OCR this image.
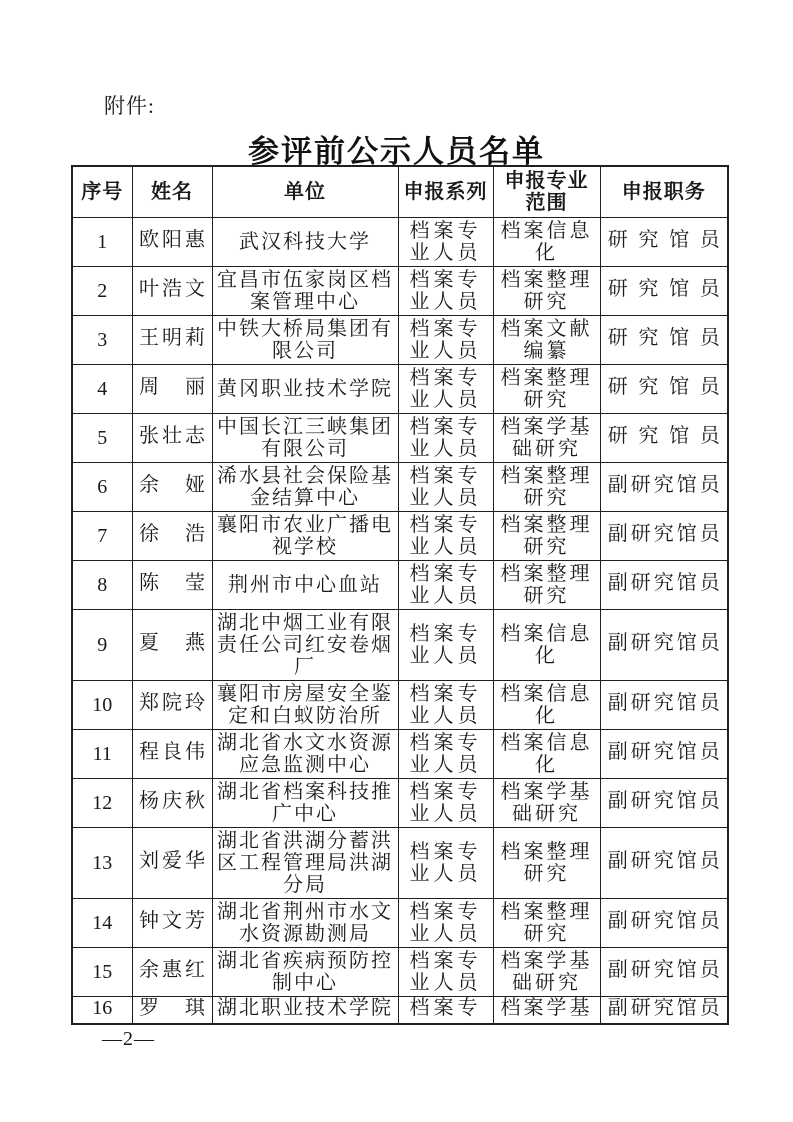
附件:
参评前公示人员名单
序号	姓名	单位	申报系列	申报专业范围	申报职务
1	欧阳惠	武汉科技大学	档案专业人员	档案信息化	研究馆员
2	叶浩文	宜昌市伍家岗区档案管理中心	档案专业人员	档案整理研究	研究馆员
3	王明莉	中铁大桥局集团有限公司	档案专业人员	档案文献编纂	研究馆员
4	周丽	黄冈职业技术学院	档案专业人员	档案整理研究	研究馆员
5	张壮志	中国长江三峡集团有限公司	档案专业人员	档案学基础研究	研究馆员
6	余娅	浠水县社会保险基金结算中心	档案专业人员	档案整理研究	副研究馆员
7	徐浩	襄阳市农业广播电视学校	档案专业人员	档案整理研究	副研究馆员
8	陈莹	荆州市中心血站	档案专业人员	档案整理研究	副研究馆员
9	夏燕	湖北中烟工业有限责任公司红安卷烟厂	档案专业人员	档案信息化	副研究馆员
10	郑院玲	襄阳市房屋安全鉴定和白蚁防治所	档案专业人员	档案信息化	副研究馆员
11	程良伟	湖北省水文水资源应急监测中心	档案专业人员	档案信息化	副研究馆员
12	杨庆秋	湖北省档案科技推广中心	档案专业人员	档案学基础研究	副研究馆员
13	刘爱华	湖北省洪湖分蓄洪区工程管理局洪湖分局	档案专业人员	档案整理研究	副研究馆员
14	钟文芳	湖北省荆州市水文水资源勘测局	档案专业人员	档案整理研究	副研究馆员
15	余惠红	湖北省疾病预防控制中心	档案专业人员	档案学基础研究	副研究馆员
16	罗琪	湖北职业技术学院	档案专	档案学基	副研究馆员
—2—
